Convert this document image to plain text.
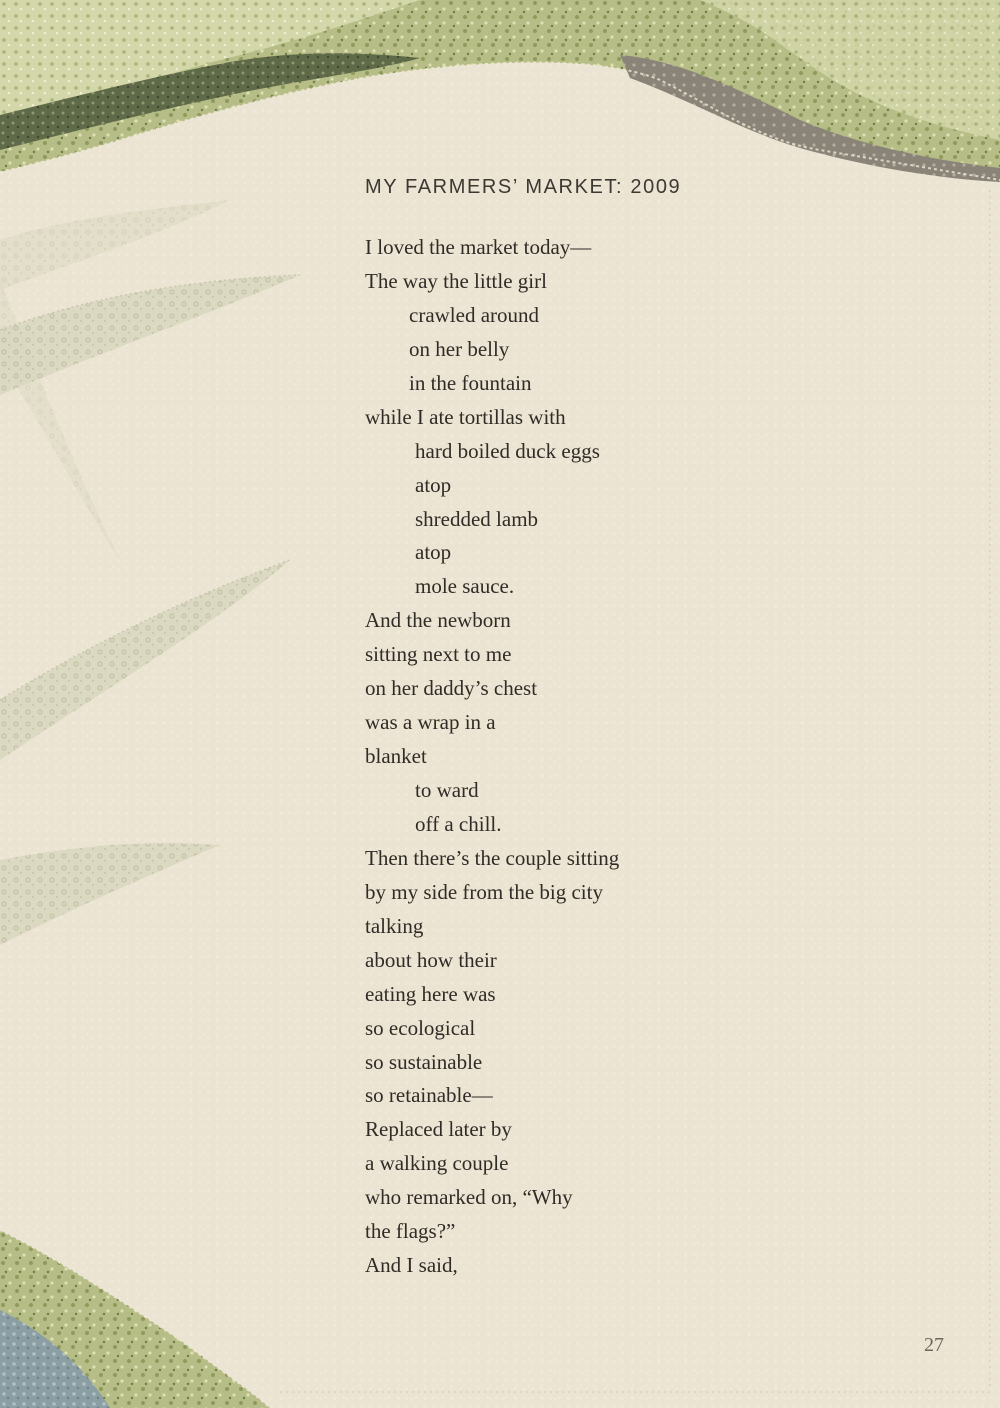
MY FARMERS’ MARKET: 2009
I loved the market today—
The way the little girl
crawled around
on her belly
in the fountain
while I ate tortillas with
hard boiled duck eggs
atop
shredded lamb
atop
mole sauce.
And the newborn
sitting next to me
on her daddy’s chest
was a wrap in a
blanket
to ward
off a chill.
Then there’s the couple sitting
by my side from the big city
talking
about how their
eating here was
so ecological
so sustainable
so retainable—
Replaced later by
a walking couple
who remarked on, “Why
the flags?”
And I said,
27
